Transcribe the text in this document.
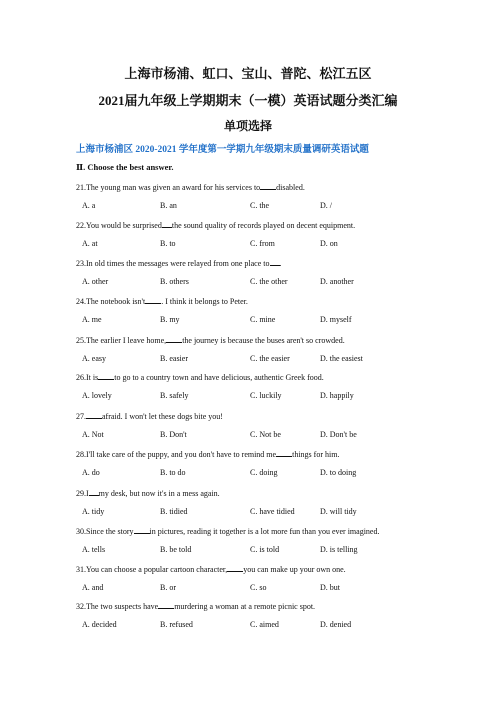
上海市杨浦、虹口、宝山、普陀、松江五区
2021届九年级上学期期末（一模）英语试题分类汇编
单项选择
上海市杨浦区 2020-2021 学年度第一学期九年级期末质量调研英语试题
Ⅱ. Choose the best answer.
21.The young man was given an award for his services to disabled.
A. a	B. an	C. the	D. /
22.You would be surprised the sound quality of records played on decent equipment.
A. at	B. to	C. from	D. on
23.In old times the messages were relayed from one place to .
A. other	B. others	C. the other	D. another
24.The notebook isn't . I think it belongs to Peter.
A. me	B. my	C. mine	D. myself
25.The earlier I leave home, the journey is because the buses aren't so crowded.
A. easy	B. easier	C. the easier	D. the easiest
26.It is to go to a country town and have delicious, authentic Greek food.
A. lovely	B. safely	C. luckily	D. happily
27. afraid. I won't let these dogs bite you!
A. Not	B. Don't	C. Not be	D. Don't be
28.I'll take care of the puppy, and you don't have to remind me things for him.
A. do	B. to do	C. doing	D. to doing
29.I my desk, but now it's in a mess again.
A. tidy	B. tidied	C. have tidied	D. will tidy
30.Since the story in pictures, reading it together is a lot more fun than you ever imagined.
A. tells	B. be told	C. is told	D. is telling
31.You can choose a popular cartoon character, you can make up your own one.
A. and	B. or	C. so	D. but
32.The two suspects have murdering a woman at a remote picnic spot.
A. decided	B. refused	C. aimed	D. denied
